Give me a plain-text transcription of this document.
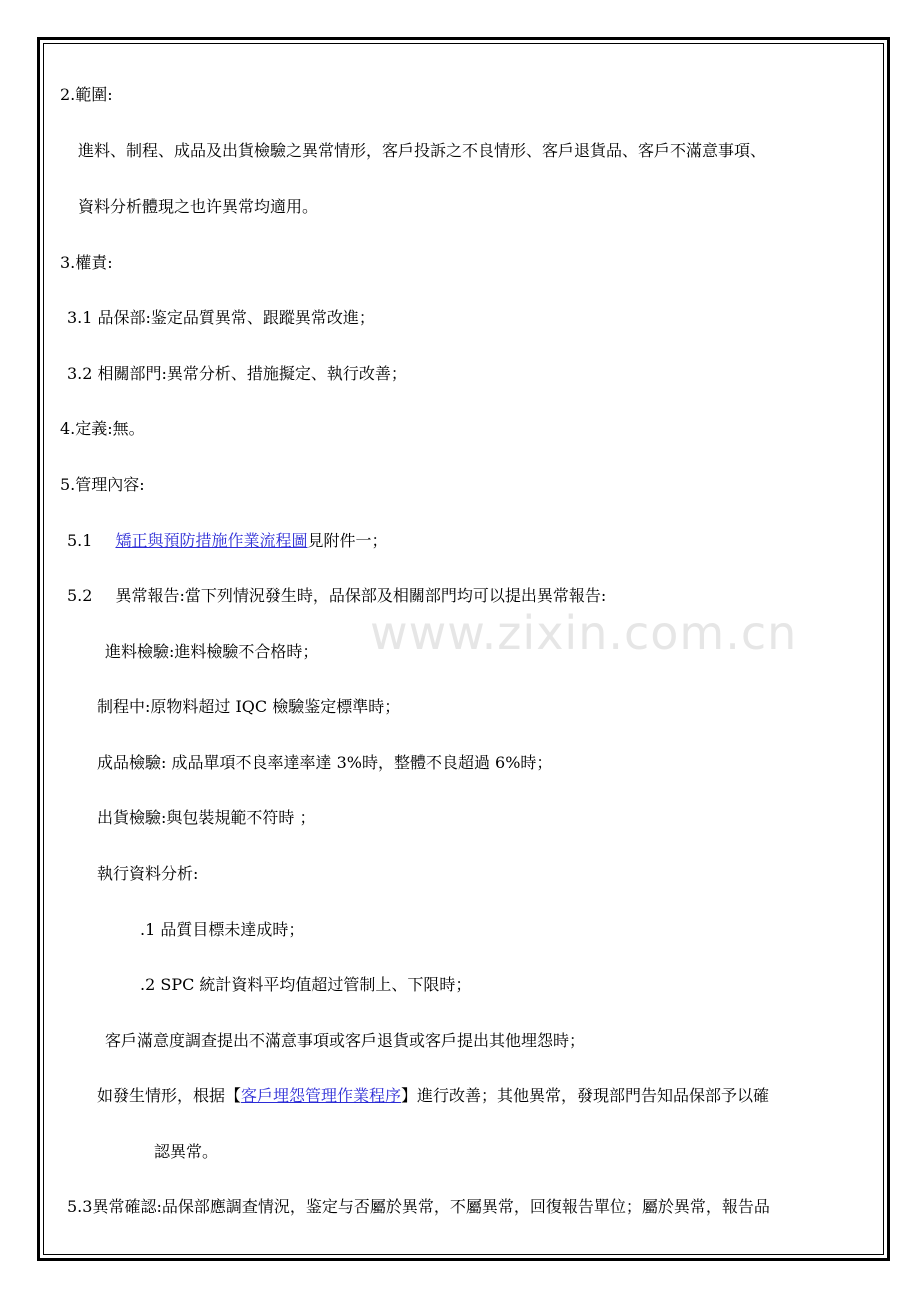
www.zixin.com.cn
2.範圍:
進料、制程、成品及出貨檢驗之異常情形，客戶投訴之不良情形、客戶退貨品、客戶不滿意事項、
資料分析體現之也许異常均適用。
3.權責:
3.1 品保部:鉴定品質異常、跟蹤異常改進；
3.2 相關部門:異常分析、措施擬定、執行改善；
4.定義:無。
5.管理內容:
5.1 矯正與預防措施作業流程圖見附件一；
5.2 異常報告:當下列情況發生時，品保部及相關部門均可以提出異常報告:
進料檢驗:進料檢驗不合格時；
制程中:原物料超过 IQC 檢驗鉴定標準時；
成品檢驗: 成品單項不良率達率達 3%時，整體不良超過 6%時；
出貨檢驗:與包裝規範不符時 ；
執行資料分析:
.1 品質目標未達成時；
.2 SPC 統計資料平均值超过管制上、下限時；
客戶滿意度調查提出不滿意事項或客戶退貨或客戶提出其他埋怨時；
如發生情形，根据【客戶埋怨管理作業程序】進行改善；其他異常，發現部門告知品保部予以確
認異常。
5.3異常確認:品保部應調查情況，鉴定与否屬於異常，不屬異常，回復報告單位；屬於異常，報告品
